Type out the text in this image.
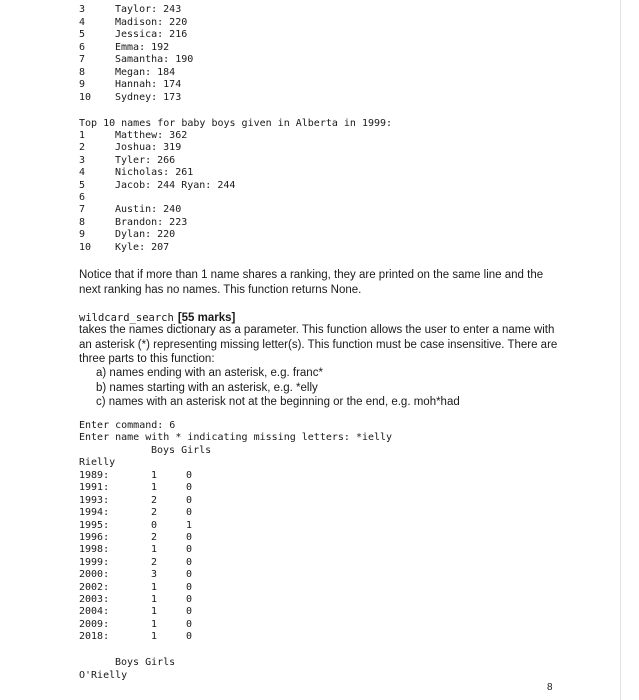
3	Taylor: 243
4	Madison: 220
5	Jessica: 216
6	Emma: 192
7	Samantha: 190
8	Megan: 184
9	Hannah: 174
10 Sydney: 173
Top 10 names for baby boys given in Alberta in 1999:
1	Matthew: 362
2	Joshua: 319
3	Tyler: 266
4	Nicholas: 261
5	Jacob: 244 Ryan: 244
6
7	Austin: 240
8	Brandon: 223
9	Dylan: 220
10 Kyle: 207
Notice that if more than 1 name shares a ranking, they are printed on the same line and the next ranking has no names. This function returns None.
wildcard_search [55 marks]
takes the names dictionary as a parameter. This function allows the user to enter a name with an asterisk (*) representing missing letter(s). This function must be case insensitive. There are three parts to this function:
a) names ending with an asterisk, e.g. franc*
b) names starting with an asterisk, e.g. *elly
c) names with an asterisk not at the beginning or the end, e.g. moh*had
Enter command: 6
Enter name with * indicating missing letters: *ielly
Boys Girls
Rielly
1989:	1	0
1991:	1	0
1993:	2	0
1994:	2	0
1995:	0	1
1996:	2	0
1998:	1	0
1999:	2	0
2000:	3	0
2002:	1	0
2003:	1	0
2004:	1	0
2009:	1	0
2018:	1	0
Boys Girls
O'Rielly
8
